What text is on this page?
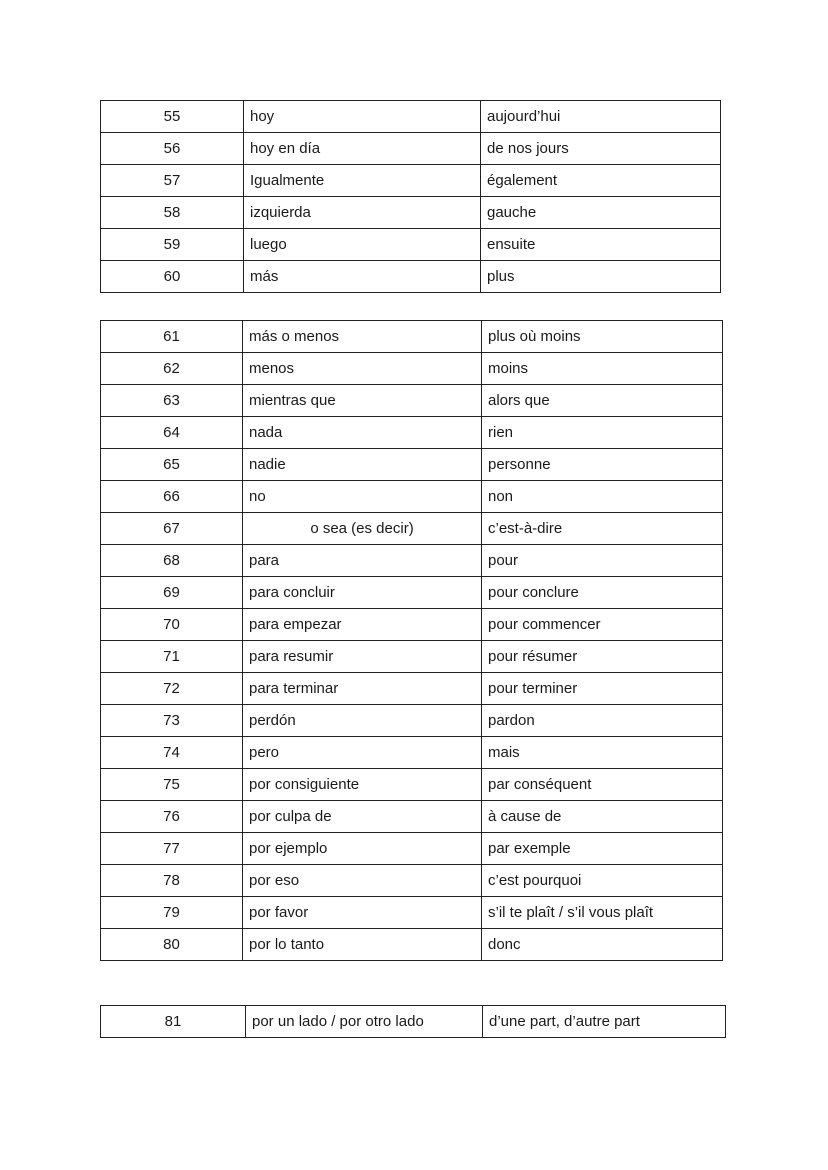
55	hoy	aujourd’hui
56	hoy en día	de nos jours
57	Igualmente	également
58	izquierda	gauche
59	luego	ensuite
60	más	plus
61	más o menos	plus où moins
62	menos	moins
63	mientras que	alors que
64	nada	rien
65	nadie	personne
66	no	non
67	o sea (es decir)	c’est-à-dire
68	para	pour
69	para concluir	pour conclure
70	para empezar	pour commencer
71	para resumir	pour résumer
72	para terminar	pour terminer
73	perdón	pardon
74	pero	mais
75	por consiguiente	par conséquent
76	por culpa de	à cause de
77	por ejemplo	par exemple
78	por eso	c’est pourquoi
79	por favor	s’il te plaît / s’il vous plaît
80	por lo tanto	donc
81	por un lado / por otro lado	d’une part, d’autre part
